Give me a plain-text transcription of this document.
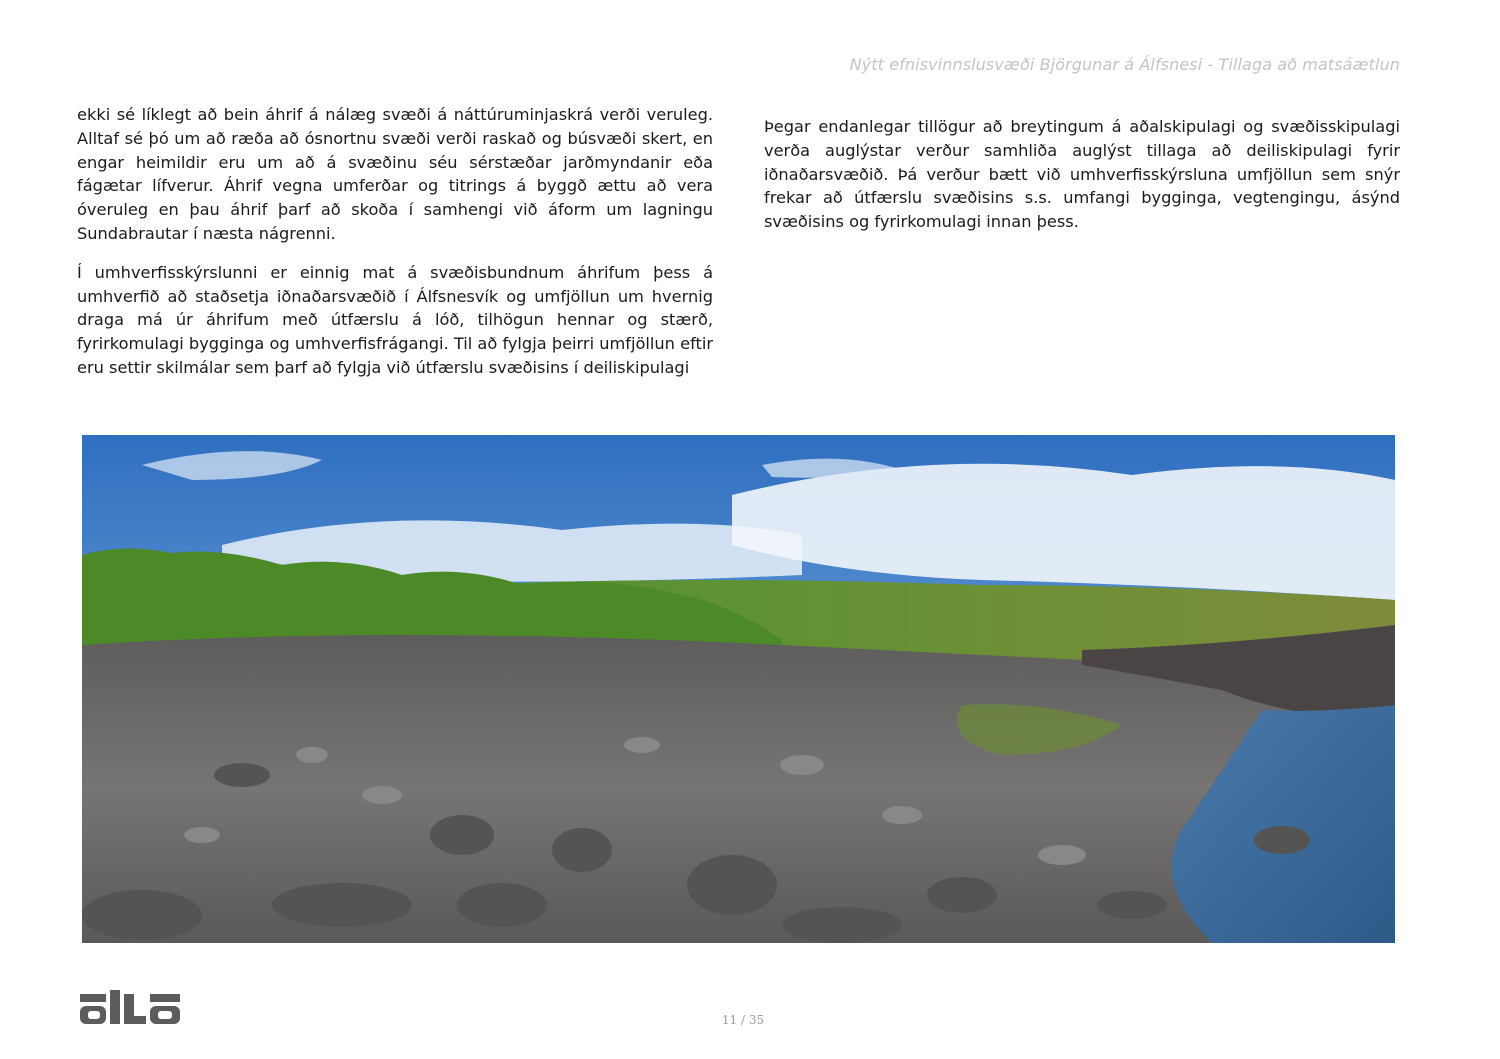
Nýtt efnisvinnslusvæði Björgunar á Álfsnesi - Tillaga að matsáætlun

ekki sé líklegt að bein áhrif á nálæg svæði á náttúruminjaskrá verði veruleg. Alltaf sé þó um að ræða að ósnortnu svæði verði raskað og búsvæði skert, en engar heimildir eru um að á svæðinu séu sérstæðar jarðmyndanir eða fágætar lífverur. Áhrif vegna umferðar og titrings á byggð ættu að vera óveruleg en þau áhrif þarf að skoða í samhengi við áform um lagningu Sundabrautar í næsta nágrenni.

Í umhverfisskýrslunni er einnig mat á svæðisbundnum áhrifum þess á umhverfið að staðsetja iðnaðarsvæðið í Álfsnesvík og umfjöllun um hvernig draga má úr áhrifum með útfærslu á lóð, tilhögun hennar og stærð, fyrirkomulagi bygginga og umhverfisfrágangi. Til að fylgja þeirri umfjöllun eftir eru settir skilmálar sem þarf að fylgja við útfærslu svæðisins í deiliskipulagi

Þegar endanlegar tillögur að breytingum á aðalskipulagi og svæðisskipulagi verða auglýstar verður samhliða auglýst tillaga að deiliskipulagi fyrir iðnaðarsvæðið. Þá verður bætt við umhverfisskýrsluna umfjöllun sem snýr frekar að útfærslu svæðisins s.s. umfangi bygginga, vegtengingu, ásýnd svæðisins og fyrirkomulagi innan þess.

11 / 35
